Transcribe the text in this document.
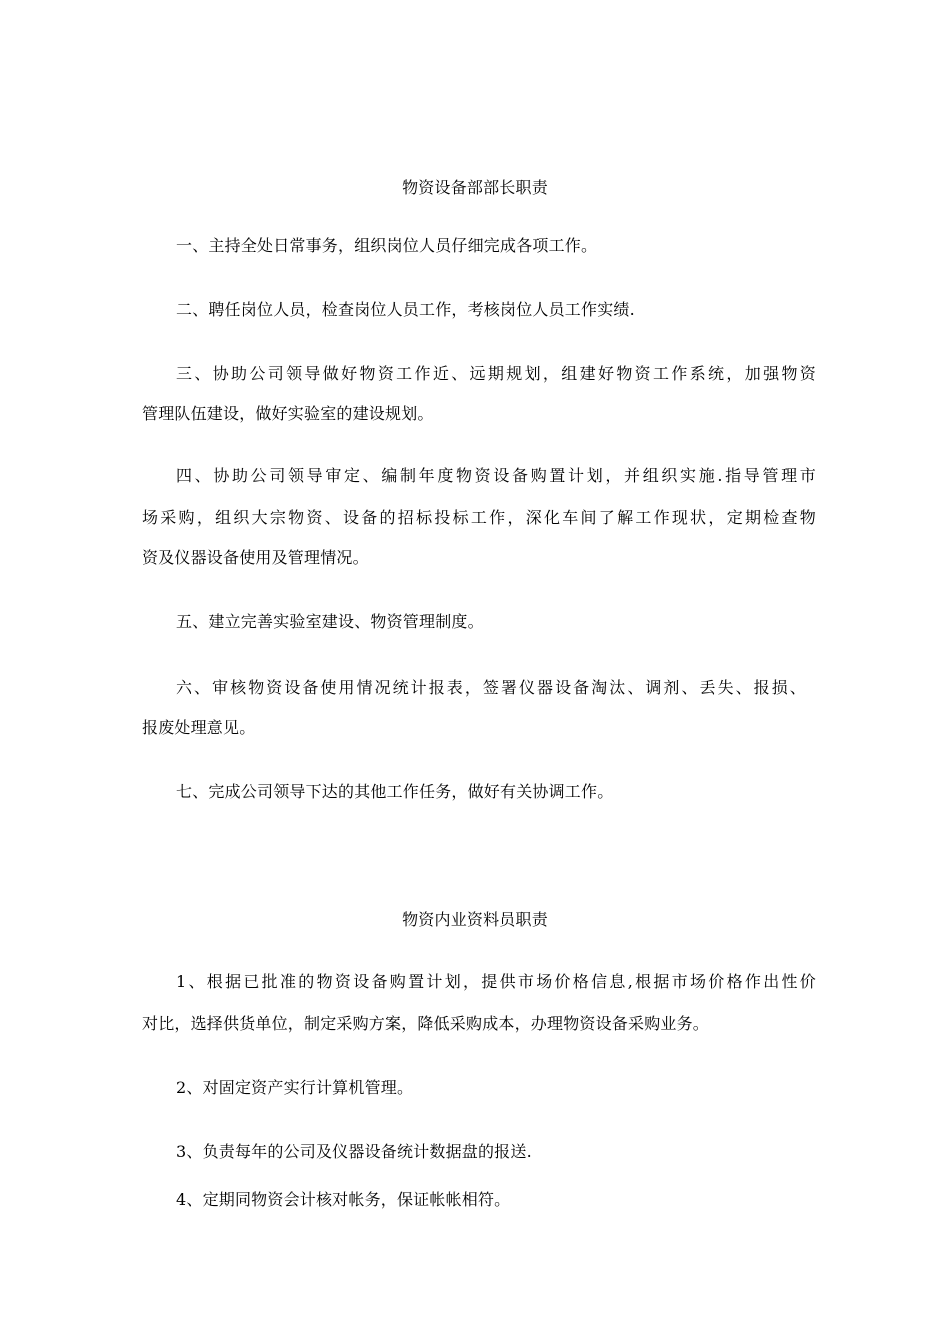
物资设备部部长职责
一、主持全处日常事务，组织岗位人员仔细完成各项工作。
二、聘任岗位人员，检查岗位人员工作，考核岗位人员工作实绩.
三、协助公司领导做好物资工作近、远期规划，组建好物资工作系统，加强物资
管理队伍建设，做好实验室的建设规划。
四、协助公司领导审定、编制年度物资设备购置计划，并组织实施.指导管理市
场采购，组织大宗物资、设备的招标投标工作，深化车间了解工作现状，定期检查物
资及仪器设备使用及管理情况。
五、建立完善实验室建设、物资管理制度。
六、审核物资设备使用情况统计报表，签署仪器设备淘汰、调剂、丢失、报损、
报废处理意见。
七、完成公司领导下达的其他工作任务，做好有关协调工作。
物资内业资料员职责
1、根据已批准的物资设备购置计划，提供市场价格信息,根据市场价格作出性价
对比，选择供货单位，制定采购方案，降低采购成本，办理物资设备采购业务。
2、对固定资产实行计算机管理。
3、负责每年的公司及仪器设备统计数据盘的报送.
4、定期同物资会计核对帐务，保证帐帐相符。
